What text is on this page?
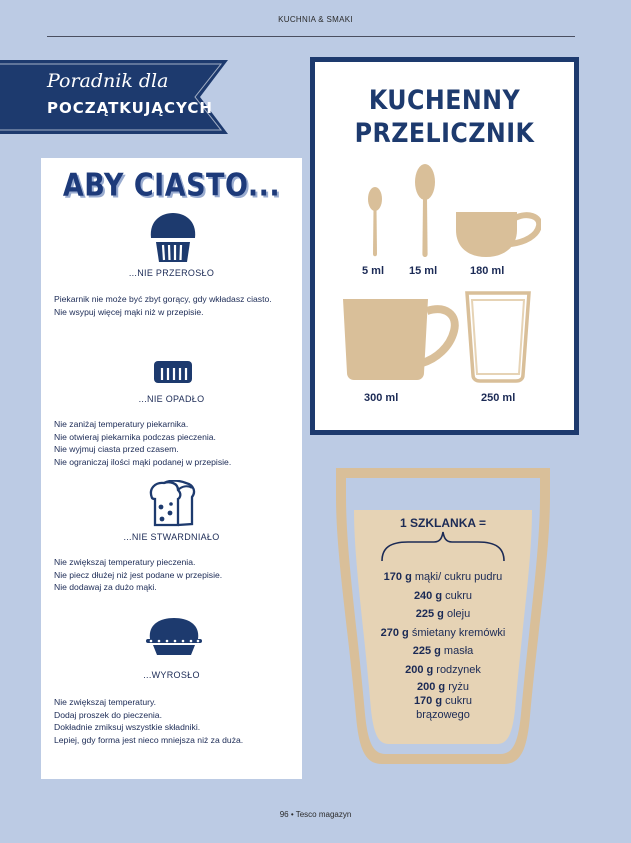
KUCHNIA & SMAKI
Poradnik dla
POCZĄTKUJĄCYCH
ABY CIASTO...
...NIE PRZEROSŁO
Piekarnik nie może być zbyt gorący, gdy wkładasz ciasto.
Nie wsypuj więcej mąki niż w przepisie.
...NIE OPADŁO
Nie zaniżaj temperatury piekarnika.
Nie otwieraj piekarnika podczas pieczenia.
Nie wyjmuj ciasta przed czasem.
Nie ograniczaj ilości mąki podanej w przepisie.
...NIE STWARDNIAŁO
Nie zwiększaj temperatury pieczenia.
Nie piecz dłużej niż jest podane w przepisie.
Nie dodawaj za dużo mąki.
...WYROSŁO
Nie zwiększaj temperatury.
Dodaj proszek do pieczenia.
Dokładnie zmiksuj wszystkie składniki.
Lepiej, gdy forma jest nieco mniejsza niż za duża.
KUCHENNY
PRZELICZNIK
5 ml 15 ml	180 ml
300 ml	250 ml
1 SZKLANKA =
170 g mąki/ cukru pudru
240 g cukru
225 g oleju
270 g śmietany kremówki
225 g masła
200 g rodzynek
200 g ryżu
170 g cukru
brązowego
96 • Tesco magazyn
